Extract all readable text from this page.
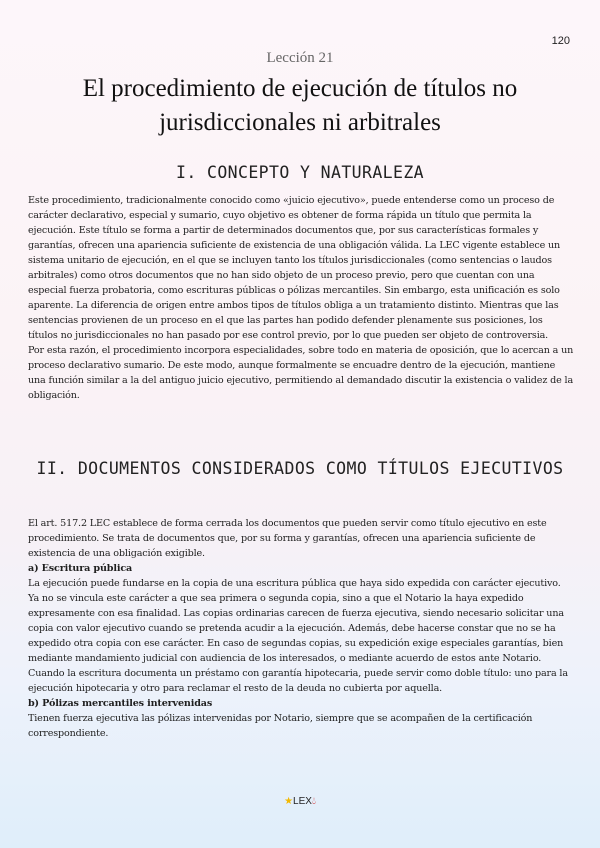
120
Lección 21
El procedimiento de ejecución de títulos no jurisdiccionales ni arbitrales
I. CONCEPTO Y NATURALEZA

Este procedimiento, tradicionalmente conocido como «juicio ejecutivo», puede entenderse como un proceso de carácter declarativo, especial y sumario, cuyo objetivo es obtener de forma rápida un título que permita la ejecución. Este título se forma a partir de determinados documentos que, por sus características formales y garantías, ofrecen una apariencia suficiente de existencia de una obligación válida. La LEC vigente establece un sistema unitario de ejecución, en el que se incluyen tanto los títulos jurisdiccionales (como sentencias o laudos arbitrales) como otros documentos que no han sido objeto de un proceso previo, pero que cuentan con una especial fuerza probatoria, como escrituras públicas o pólizas mercantiles. Sin embargo, esta unificación es solo aparente. La diferencia de origen entre ambos tipos de títulos obliga a un tratamiento distinto. Mientras que las sentencias provienen de un proceso en el que las partes han podido defender plenamente sus posiciones, los títulos no jurisdiccionales no han pasado por ese control previo, por lo que pueden ser objeto de controversia.

Por esta razón, el procedimiento incorpora especialidades, sobre todo en materia de oposición, que lo acercan a un proceso declarativo sumario. De este modo, aunque formalmente se encuadre dentro de la ejecución, mantiene una función similar a la del antiguo juicio ejecutivo, permitiendo al demandado discutir la existencia o validez de la obligación.

II. DOCUMENTOS CONSIDERADOS COMO TÍTULOS EJECUTIVOS

El art. 517.2 LEC establece de forma cerrada los documentos que pueden servir como título ejecutivo en este procedimiento. Se trata de documentos que, por su forma y garantías, ofrecen una apariencia suficiente de existencia de una obligación exigible.

a) Escritura pública

La ejecución puede fundarse en la copia de una escritura pública que haya sido expedida con carácter ejecutivo. Ya no se vincula este carácter a que sea primera o segunda copia, sino a que el Notario la haya expedido expresamente con esa finalidad. Las copias ordinarias carecen de fuerza ejecutiva, siendo necesario solicitar una copia con valor ejecutivo cuando se pretenda acudir a la ejecución. Además, debe hacerse constar que no se ha expedido otra copia con ese carácter. En caso de segundas copias, su expedición exige especiales garantías, bien mediante mandamiento judicial con audiencia de los interesados, o mediante acuerdo de estos ante Notario. Cuando la escritura documenta un préstamo con garantía hipotecaria, puede servir como doble título: uno para la ejecución hipotecaria y otro para reclamar el resto de la deuda no cubierta por aquella.

b) Pólizas mercantiles intervenidas

Tienen fuerza ejecutiva las pólizas intervenidas por Notario, siempre que se acompañen de la certificación correspondiente.

★LEX💧︎
